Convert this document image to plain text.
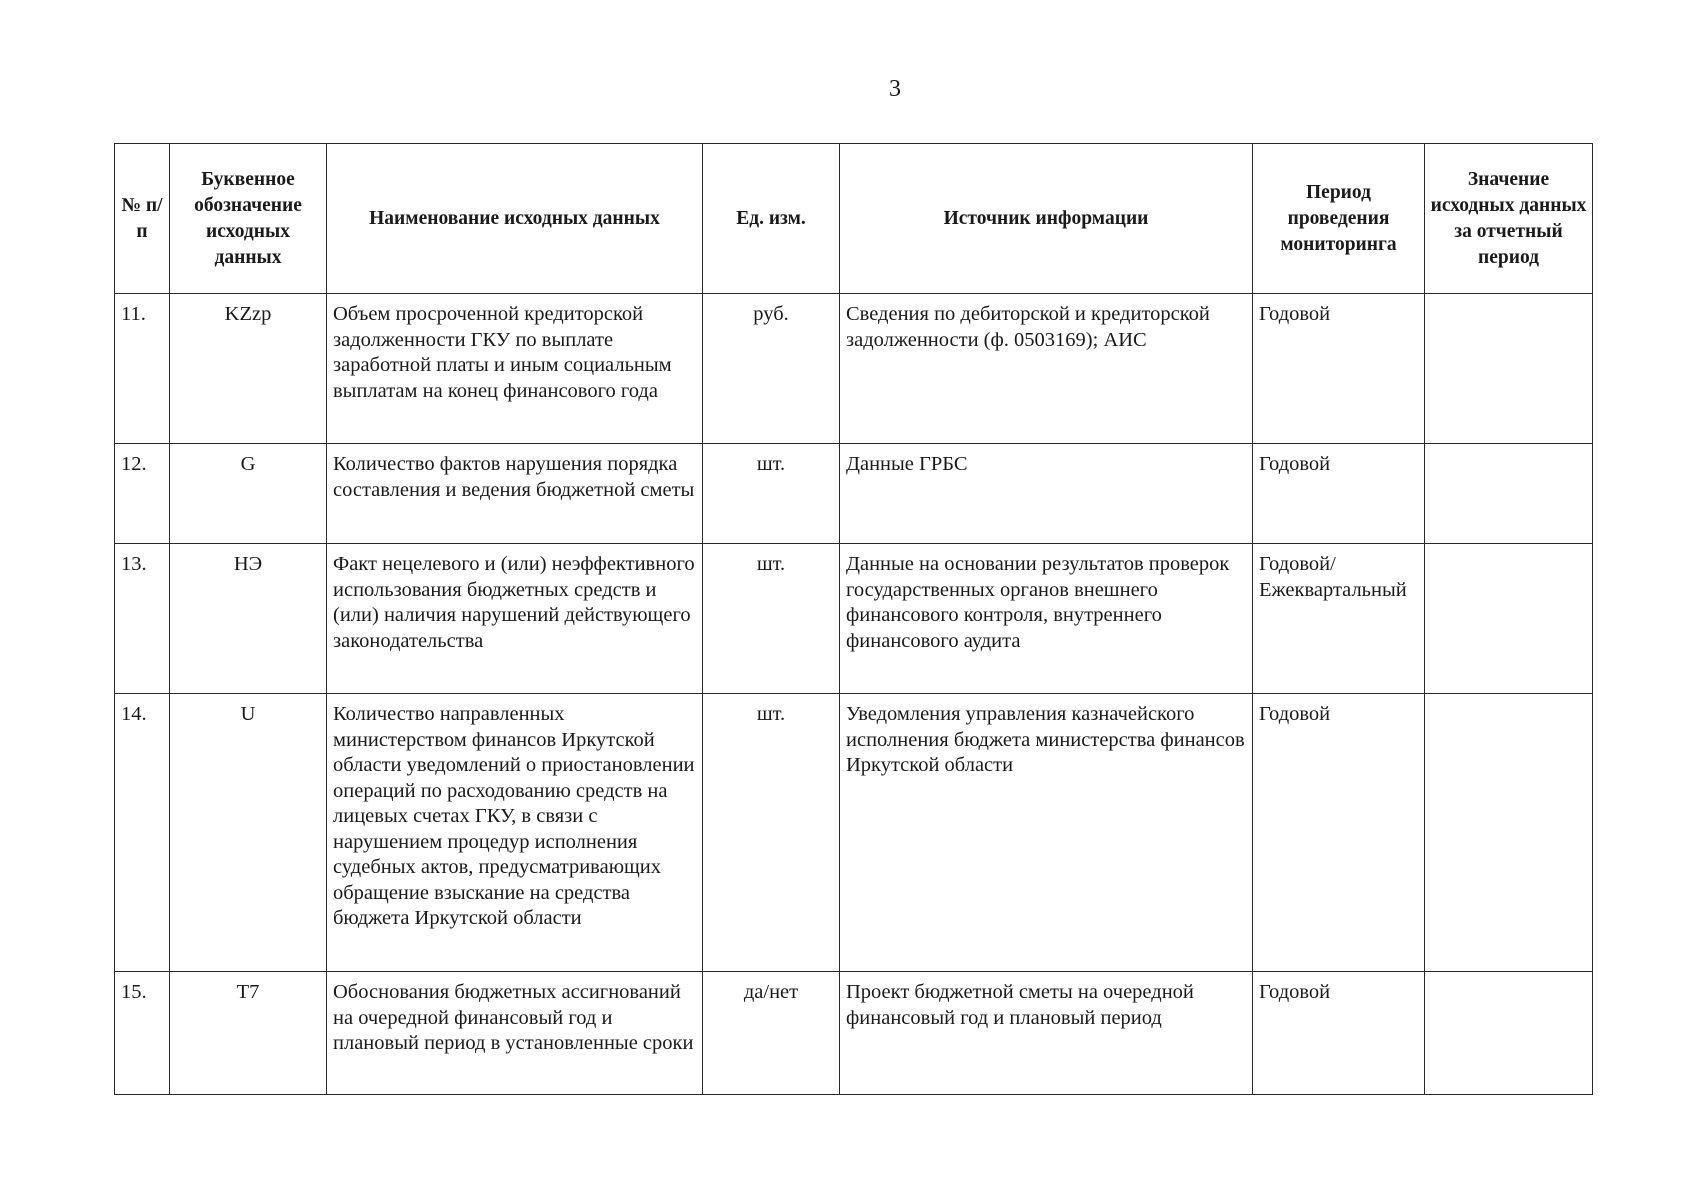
3
№ п/п	Буквенное обозначение исходных данных	Наименование исходных данных	Ед. изм.	Источник информации	Период проведения мониторинга	Значение исходных данных за отчетный период
11.	KZzp	Объем просроченной кредиторской задолженности ГКУ по выплате заработной платы и иным социальным выплатам на конец финансового года	руб.	Сведения по дебиторской и кредиторской задолженности (ф. 0503169); АИС	Годовой	
12.	G	Количество фактов нарушения порядка составления и ведения бюджетной сметы	шт.	Данные ГРБС	Годовой	
13.	НЭ	Факт нецелевого и (или) неэффективного использования бюджетных средств и (или) наличия нарушений действующего законодательства	шт.	Данные на основании результатов проверок государственных органов внешнего финансового контроля, внутреннего финансового аудита	Годовой/ Ежеквартальный	
14.	U	Количество направленных министерством финансов Иркутской области уведомлений о приостановлении операций по расходованию средств на лицевых счетах ГКУ, в связи с нарушением процедур исполнения судебных актов, предусматривающих обращение взыскание на средства бюджета Иркутской области	шт.	Уведомления управления казначейского исполнения бюджета министерства финансов Иркутской области	Годовой	
15.	T7	Обоснования бюджетных ассигнований на очередной финансовый год и плановый период в установленные сроки	да/нет	Проект бюджетной сметы на очередной финансовый год и плановый период	Годовой	
